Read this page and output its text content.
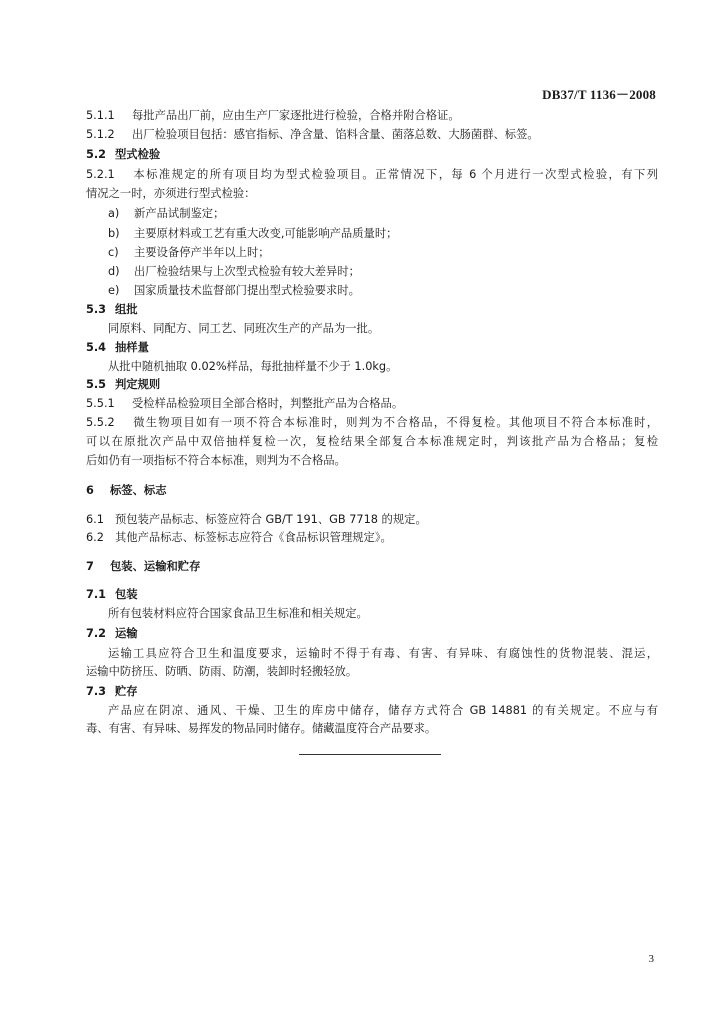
DB37/T 1136－2008
5.1.1 每批产品出厂前，应由生产厂家逐批进行检验，合格并附合格证。
5.1.2 出厂检验项目包括：感官指标、净含量、馅料含量、菌落总数、大肠菌群、标签。
5.2 型式检验
5.2.1 本标准规定的所有项目均为型式检验项目。正常情况下，每 6 个月进行一次型式检验，有下列
情况之一时，亦须进行型式检验：
a) 新产品试制鉴定；
b) 主要原材料或工艺有重大改变,可能影响产品质量时；
c) 主要设备停产半年以上时；
d) 出厂检验结果与上次型式检验有较大差异时；
e) 国家质量技术监督部门提出型式检验要求时。
5.3 组批
同原料、同配方、同工艺、同班次生产的产品为一批。
5.4 抽样量
从批中随机抽取 0.02%样品，每批抽样量不少于 1.0kg。
5.5 判定规则
5.5.1 受检样品检验项目全部合格时，判整批产品为合格品。
5.5.2 微生物项目如有一项不符合本标准时，则判为不合格品，不得复检。其他项目不符合本标准时，
可以在原批次产品中双倍抽样复检一次，复检结果全部复合本标准规定时，判该批产品为合格品；复检
后如仍有一项指标不符合本标准，则判为不合格品。
6 标签、标志
6.1 预包装产品标志、标签应符合 GB/T 191、GB 7718 的规定。
6.2 其他产品标志、标签标志应符合《食品标识管理规定》。
7 包装、运输和贮存
7.1 包装
所有包装材料应符合国家食品卫生标准和相关规定。
7.2 运输
运输工具应符合卫生和温度要求，运输时不得于有毒、有害、有异味、有腐蚀性的货物混装、混运，
运输中防挤压、防晒、防雨、防潮，装卸时轻搬轻放。
7.3 贮存
产品应在阴凉、通风、干燥、卫生的库房中储存，储存方式符合 GB 14881 的有关规定。不应与有
毒、有害、有异味、易挥发的物品同时储存。储藏温度符合产品要求。
3
